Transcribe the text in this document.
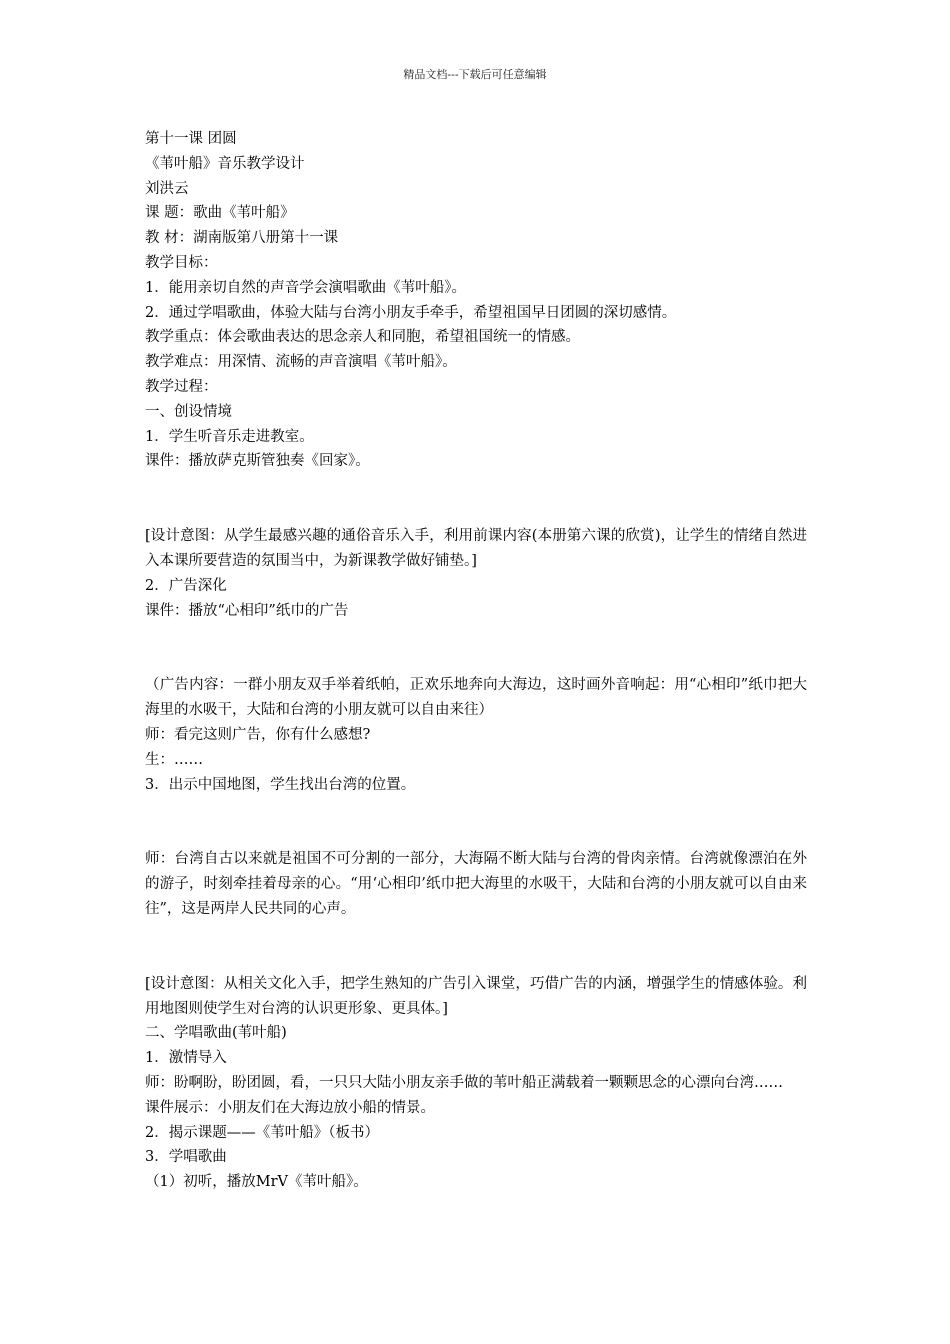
精品文档---下载后可任意编辑

第十一课 团圆

《苇叶船》音乐教学设计

刘洪云

课 题：歌曲《苇叶船》

教 材：湖南版第八册第十一课

教学目标：

1．能用亲切自然的声音学会演唱歌曲《苇叶船》。

2．通过学唱歌曲，体验大陆与台湾小朋友手牵手，希望祖国早日团圆的深切感情。

教学重点：体会歌曲表达的思念亲人和同胞，希望祖国统一的情感。

教学难点：用深情、流畅的声音演唱《苇叶船》。

教学过程：

一、创设情境

1．学生听音乐走进教室。

课件：播放萨克斯管独奏《回家》。

[设计意图：从学生最感兴趣的通俗音乐入手，利用前课内容(本册第六课的欣赏)，让学生的情绪自然进入本课所要营造的氛围当中，为新课教学做好铺垫。]

2．广告深化

课件：播放“心相印”纸巾的广告

（广告内容：一群小朋友双手举着纸帕，正欢乐地奔向大海边，这时画外音响起：用“心相印”纸巾把大海里的水吸干，大陆和台湾的小朋友就可以自由来往）

师：看完这则广告，你有什么感想?

生：……

3．出示中国地图，学生找出台湾的位置。

师：台湾自古以来就是祖国不可分割的一部分，大海隔不断大陆与台湾的骨肉亲情。台湾就像漂泊在外的游子，时刻牵挂着母亲的心。“用‘心相印’纸巾把大海里的水吸干，大陆和台湾的小朋友就可以自由来往”，这是两岸人民共同的心声。

[设计意图：从相关文化入手，把学生熟知的广告引入课堂，巧借广告的内涵，增强学生的情感体验。利用地图则使学生对台湾的认识更形象、更具体。]

二、学唱歌曲(苇叶船)

1．激情导入

师：盼啊盼，盼团圆，看，一只只大陆小朋友亲手做的苇叶船正满载着一颗颗思念的心漂向台湾……

课件展示：小朋友们在大海边放小船的情景。

2．揭示课题——《苇叶船》（板书）

3．学唱歌曲

（1）初听，播放MrV《苇叶船》。
